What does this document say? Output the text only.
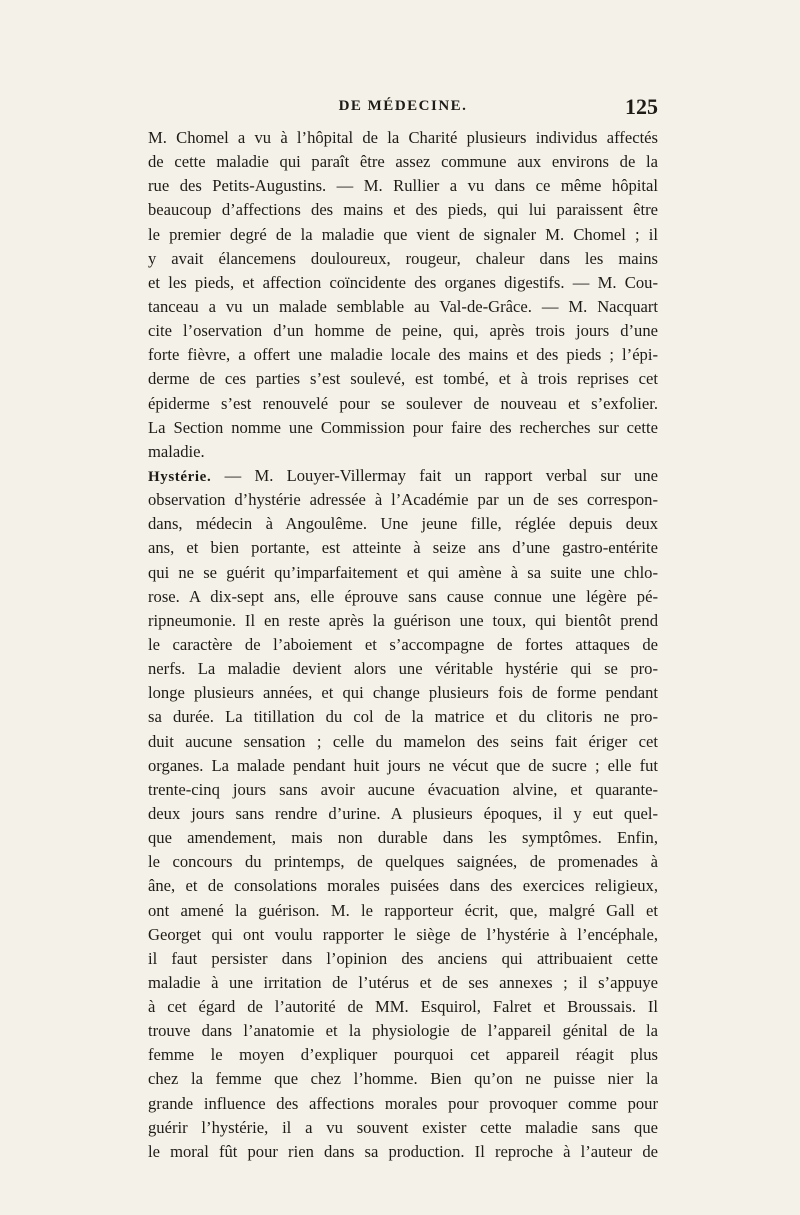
DE MÉDECINE.	125
M. Chomel a vu à l’hôpital de la Charité plusieurs individus affectés
de cette maladie qui paraît être assez commune aux environs de la
rue des Petits-Augustins. — M. Rullier a vu dans ce même hôpital
beaucoup d’affections des mains et des pieds, qui lui paraissent être
le premier degré de la maladie que vient de signaler M. Chomel ; il
y avait élancemens douloureux, rougeur, chaleur dans les mains
et les pieds, et affection coïncidente des organes digestifs. — M. Cou-
tanceau a vu un malade semblable au Val-de-Grâce. — M. Nacquart
cite l’oservation d’un homme de peine, qui, après trois jours d’une
forte fièvre, a offert une maladie locale des mains et des pieds ; l’épi-
derme de ces parties s’est soulevé, est tombé, et à trois reprises cet
épiderme s’est renouvelé pour se soulever de nouveau et s’exfolier.
La Section nomme une Commission pour faire des recherches sur cette
maladie.
Hystérie. — M. Louyer-Villermay fait un rapport verbal sur une
observation d’hystérie adressée à l’Académie par un de ses correspon-
dans, médecin à Angoulême. Une jeune fille, réglée depuis deux
ans, et bien portante, est atteinte à seize ans d’une gastro-entérite
qui ne se guérit qu’imparfaitement et qui amène à sa suite une chlo-
rose. A dix-sept ans, elle éprouve sans cause connue une légère pé-
ripneumonie. Il en reste après la guérison une toux, qui bientôt prend
le caractère de l’aboiement et s’accompagne de fortes attaques de
nerfs. La maladie devient alors une véritable hystérie qui se pro-
longe plusieurs années, et qui change plusieurs fois de forme pendant
sa durée. La titillation du col de la matrice et du clitoris ne pro-
duit aucune sensation ; celle du mamelon des seins fait ériger cet
organes. La malade pendant huit jours ne vécut que de sucre ; elle fut
trente-cinq jours sans avoir aucune évacuation alvine, et quarante-
deux jours sans rendre d’urine. A plusieurs époques, il y eut quel-
que amendement, mais non durable dans les symptômes. Enfin,
le concours du printemps, de quelques saignées, de promenades à
âne, et de consolations morales puisées dans des exercices religieux,
ont amené la guérison. M. le rapporteur écrit, que, malgré Gall et
Georget qui ont voulu rapporter le siège de l’hystérie à l’encéphale,
il faut persister dans l’opinion des anciens qui attribuaient cette
maladie à une irritation de l’utérus et de ses annexes ; il s’appuye
à cet égard de l’autorité de MM. Esquirol, Falret et Broussais. Il
trouve dans l’anatomie et la physiologie de l’appareil génital de la
femme le moyen d’expliquer pourquoi cet appareil réagit plus
chez la femme que chez l’homme. Bien qu’on ne puisse nier la
grande influence des affections morales pour provoquer comme pour
guérir l’hystérie, il a vu souvent exister cette maladie sans que
le moral fût pour rien dans sa production. Il reproche à l’auteur de
